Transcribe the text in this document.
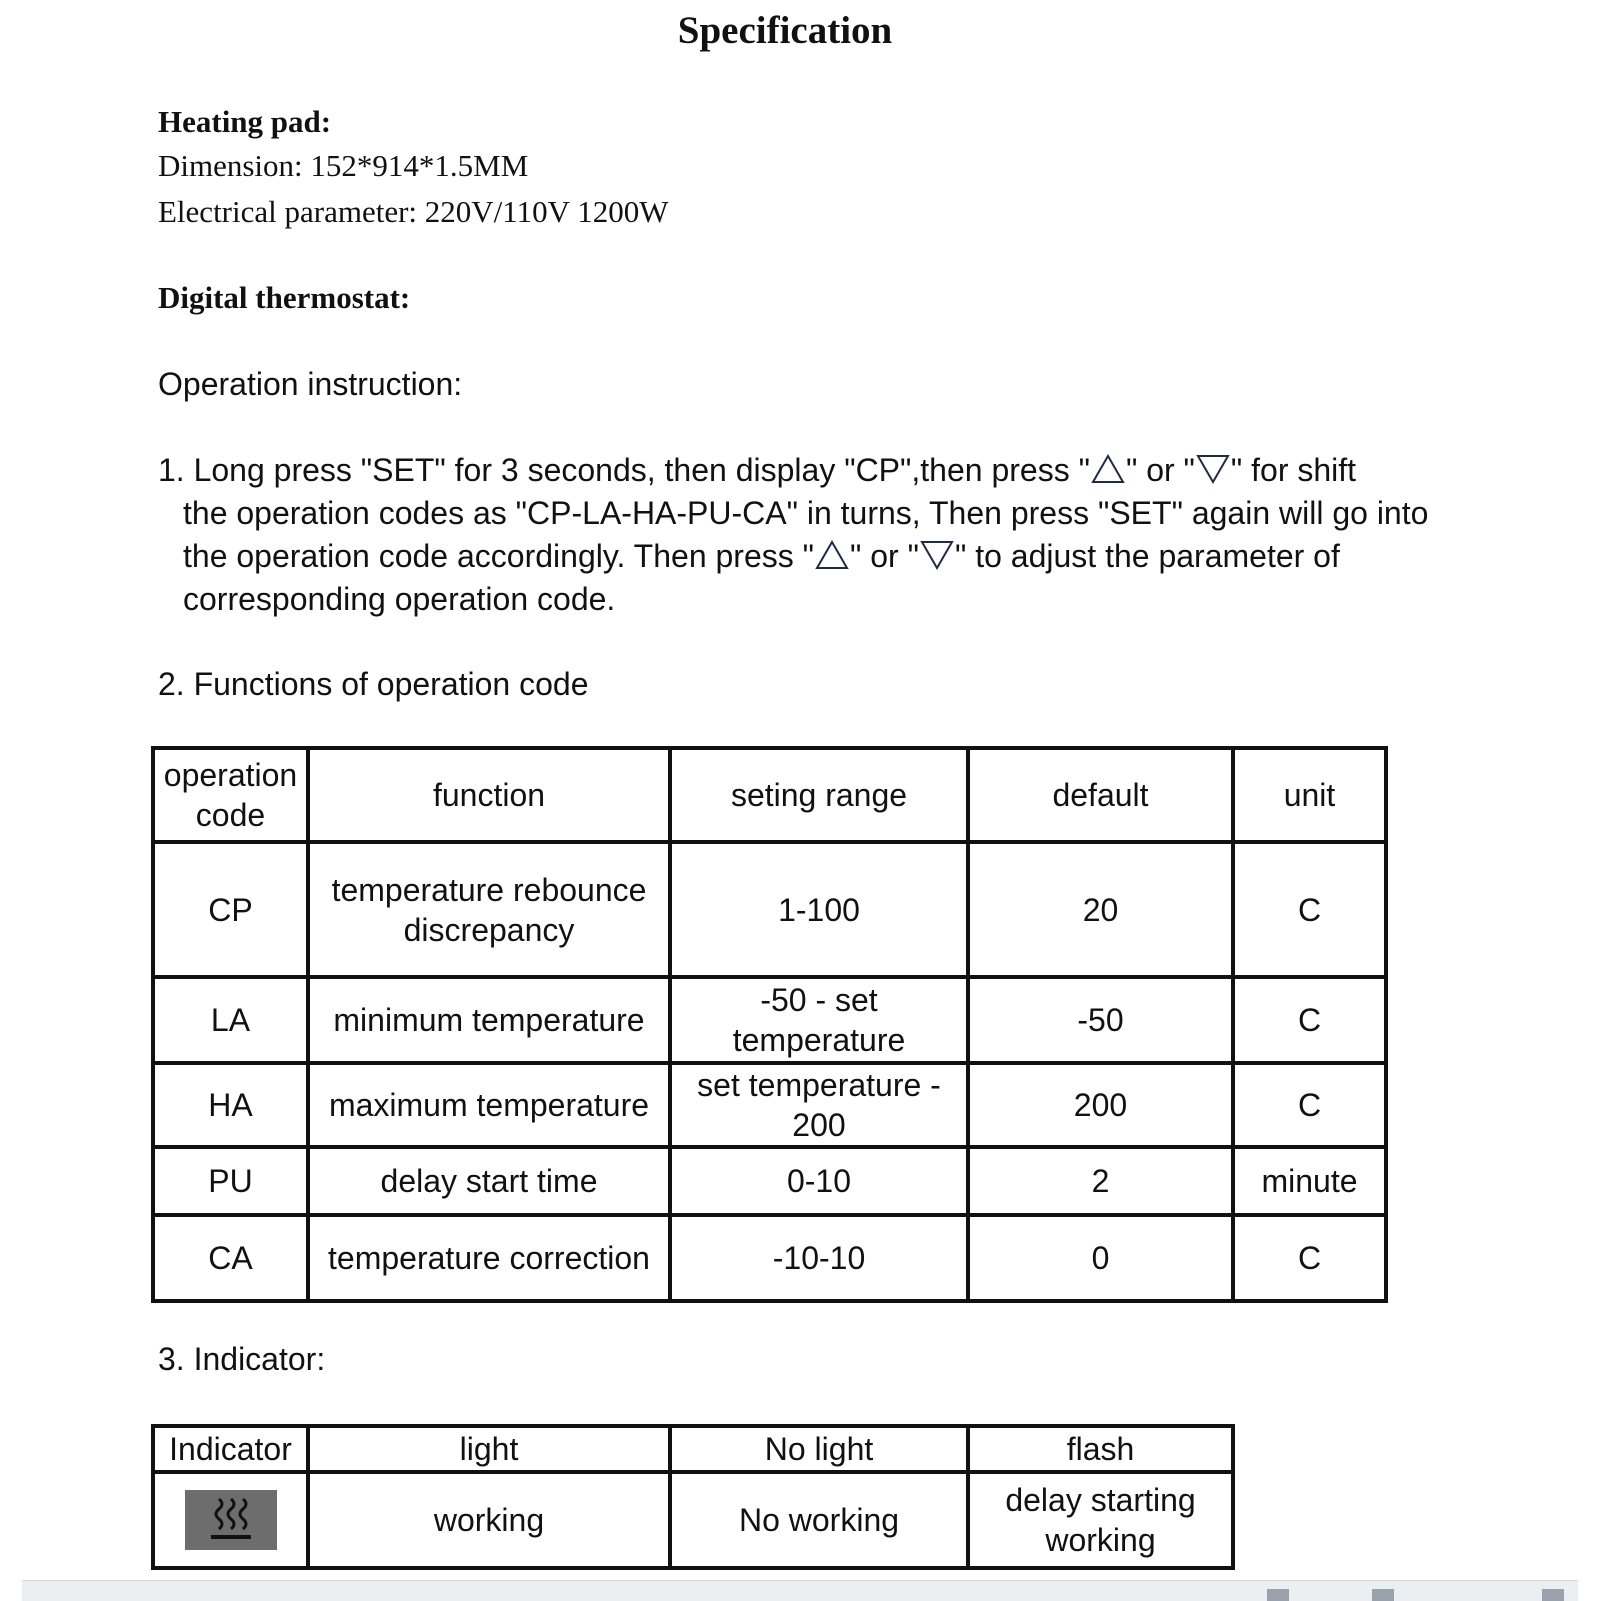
Specification
Heating pad:
Dimension: 152*914*1.5MM
Electrical parameter: 220V/110V 1200W
Digital thermostat:
Operation instruction:
1. Long press "SET" for 3 seconds, then display "CP",then press " " or " " for shift
the operation codes as "CP-LA-HA-PU-CA" in turns, Then press "SET" again will go into
the operation code accordingly. Then press " " or " " to adjust the parameter of
corresponding operation code.
2. Functions of operation code
operation code	function	seting range	default	unit
CP	temperature rebounce discrepancy	1-100	20	C
LA	minimum temperature	-50 - set temperature	-50	C
HA	maximum temperature	set temperature - 200	200	C
PU	delay start time	0-10	2	minute
CA	temperature correction	-10-10	0	C
3. Indicator:
Indicator	light	No light	flash
	working	No working	delay starting working
